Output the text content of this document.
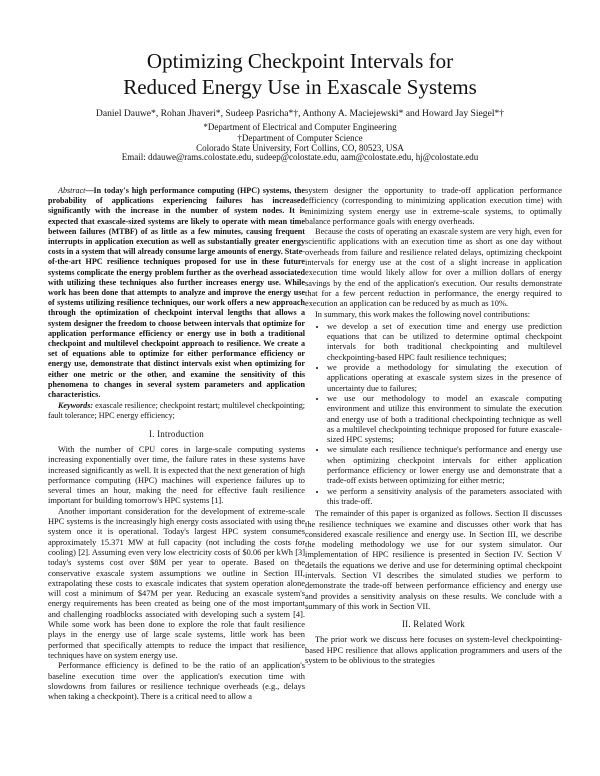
Optimizing Checkpoint Intervals for
Reduced Energy Use in Exascale Systems
Daniel Dauwe*, Rohan Jhaveri*, Sudeep Pasricha*†, Anthony A. Maciejewski* and Howard Jay Siegel*†
*Department of Electrical and Computer Engineering
†Department of Computer Science
Colorado State University, Fort Collins, CO, 80523, USA
Email: ddauwe@rams.colostate.edu, sudeep@colostate.edu, aam@colostate.edu, hj@colostate.edu

Abstract—In today's high performance computing (HPC) systems, the probability of applications experiencing failures has increased significantly with the increase in the number of system nodes. It is expected that exascale-sized systems are likely to operate with mean time between failures (MTBF) of as little as a few minutes, causing frequent interrupts in application execution as well as substantially greater energy costs in a system that will already consume large amounts of energy. State-of-the-art HPC resilience techniques proposed for use in these future systems complicate the energy problem further as the overhead associated with utilizing these techniques also further increases energy use. While work has been done that attempts to analyze and improve the energy use of systems utilizing resilience techniques, our work offers a new approach through the optimization of checkpoint interval lengths that allows a system designer the freedom to choose between intervals that optimize for application performance efficiency or energy use in both a traditional checkpoint and multilevel checkpoint approach to resilience. We create a set of equations able to optimize for either performance efficiency or energy use, demonstrate that distinct intervals exist when optimizing for either one metric or the other, and examine the sensitivity of this phenomena to changes in several system parameters and application characteristics.

Keywords: exascale resilience; checkpoint restart; multilevel checkpointing; fault tolerance; HPC energy efficiency;

I. Introduction

With the number of CPU cores in large-scale computing systems increasing exponentially over time, the failure rates in these systems have increased significantly as well. It is expected that the next generation of high performance computing (HPC) machines will experience failures up to several times an hour, making the need for effective fault resilience important for building tomorrow's HPC systems [1].

Another important consideration for the development of extreme-scale HPC systems is the increasingly high energy costs associated with using the system once it is operational. Today's largest HPC system consumes approximately 15.371 MW at full capacity (not including the costs for cooling) [2]. Assuming even very low electricity costs of $0.06 per kWh [3] today's systems cost over $8M per year to operate. Based on the conservative exascale system assumptions we outline in Section III, extrapolating these costs to exascale indicates that system operation alone will cost a minimum of $47M per year. Reducing an exascale system's energy requirements has been created as being one of the most important and challenging roadblocks associated with developing such a system [4]. While some work has been done to explore the role that fault resilience plays in the energy use of large scale systems, little work has been performed that specifically attempts to reduce the impact that resilience techniques have on system energy use.

Performance efficiency is defined to be the ratio of an application's baseline execution time over the application's execution time with slowdowns from failures or resilience technique overheads (e.g., delays when taking a checkpoint). There is a critical need to allow a

system designer the opportunity to trade-off application performance efficiency (corresponding to minimizing application execution time) with minimizing system energy use in extreme-scale systems, to optimally balance performance goals with energy overheads.

Because the costs of operating an exascale system are very high, even for scientific applications with an execution time as short as one day without overheads from failure and resilience related delays, optimizing checkpoint intervals for energy use at the cost of a slight increase in application execution time would likely allow for over a million dollars of energy savings by the end of the application's execution. Our results demonstrate that for a few percent reduction in performance, the energy required to execution an application can be reduced by as much as 10%.

In summary, this work makes the following novel contributions:

• we develop a set of execution time and energy use prediction equations that can be utilized to determine optimal checkpoint intervals for both traditional checkpointing and multilevel checkpointing-based HPC fault resilience techniques;
• we provide a methodology for simulating the execution of applications operating at exascale system sizes in the presence of uncertainty due to failures;
• we use our methodology to model an exascale computing environment and utilize this environment to simulate the execution and energy use of both a traditional checkpointing technique as well as a multilevel checkpointing technique proposed for future exascale-sized HPC systems;
• we simulate each resilience technique's performance and energy use when optimizing checkpoint intervals for either application performance efficiency or lower energy use and demonstrate that a trade-off exists between optimizing for either metric;
• we perform a sensitivity analysis of the parameters associated with this trade-off.

The remainder of this paper is organized as follows. Section II discusses the resilience techniques we examine and discusses other work that has considered exascale resilience and energy use. In Section III, we describe the modeling methodology we use for our system simulator. Our implementation of HPC resilience is presented in Section IV. Section V details the equations we derive and use for determining optimal checkpoint intervals. Section VI describes the simulated studies we perform to demonstrate the trade-off between performance efficiency and energy use and provides a sensitivity analysis on these results. We conclude with a summary of this work in Section VII.

II. Related Work

The prior work we discuss here focuses on system-level checkpointing-based HPC resilience that allows application programmers and users of the system to be oblivious to the strategies
